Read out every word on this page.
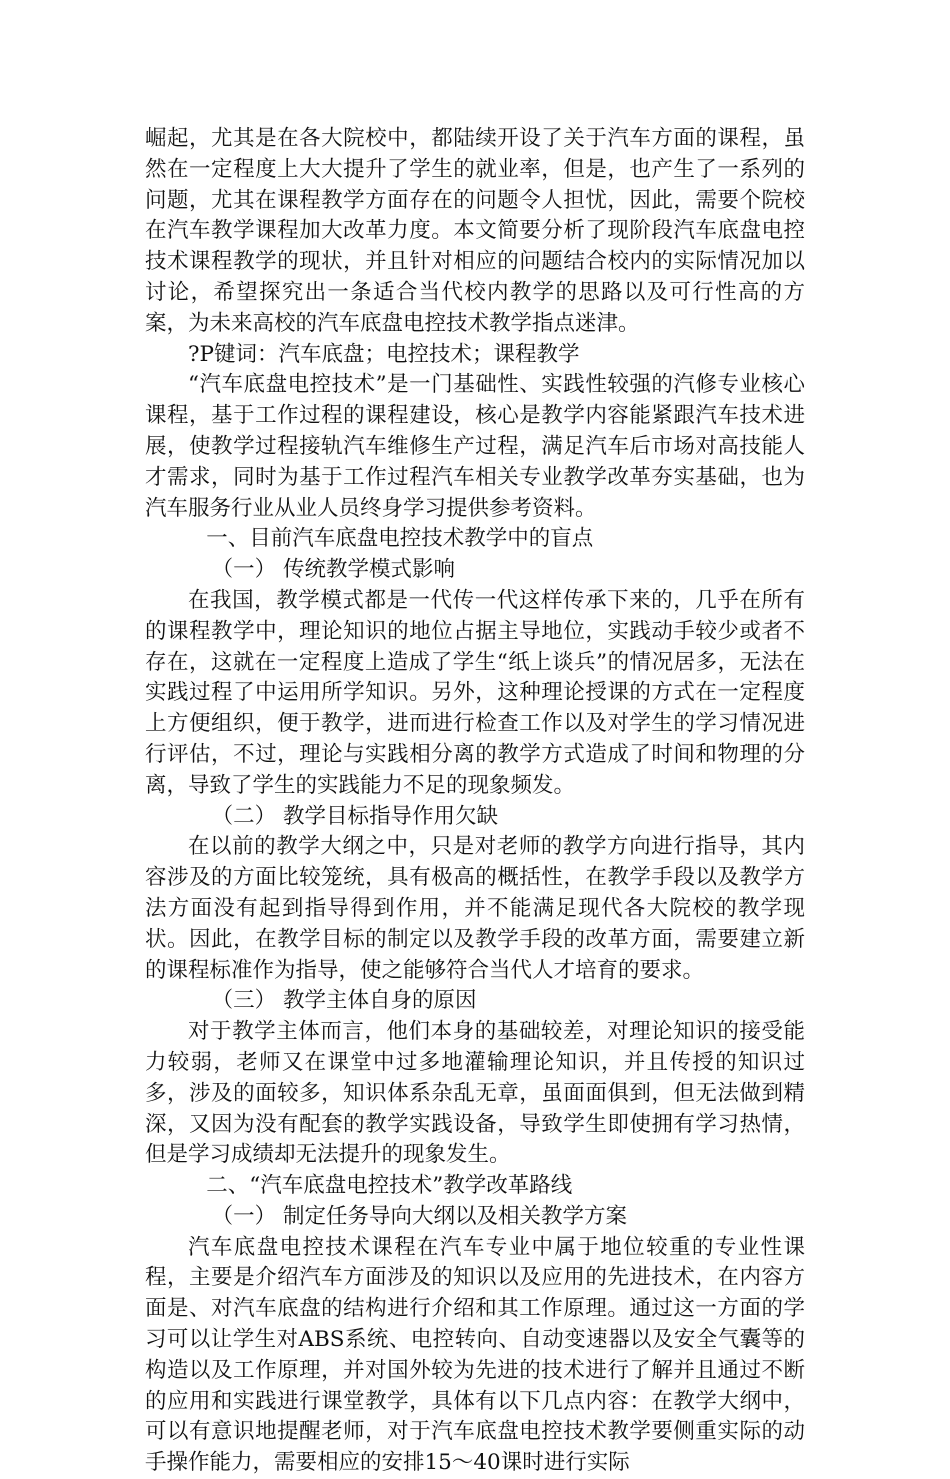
崛起，尤其是在各大院校中，都陆续开设了关于汽车方面的课程，虽然在一定程度上大大提升了学生的就业率，但是，也产生了一系列的问题，尤其在课程教学方面存在的问题令人担忧，因此，需要个院校在汽车教学课程加大改革力度。本文简要分析了现阶段汽车底盘电控技术课程教学的现状，并且针对相应的问题结合校内的实际情况加以讨论，希望探究出一条适合当代校内教学的思路以及可行性高的方案，为未来高校的汽车底盘电控技术教学指点迷津。

?P键词：汽车底盘；电控技术；课程教学

“汽车底盘电控技术”是一门基础性、实践性较强的汽修专业核心课程，基于工作过程的课程建设，核心是教学内容能紧跟汽车技术进展，使教学过程接轨汽车维修生产过程，满足汽车后市场对高技能人才需求，同时为基于工作过程汽车相关专业教学改革夯实基础，也为汽车服务行业从业人员终身学习提供参考资料。

一、目前汽车底盘电控技术教学中的盲点

（一） 传统教学模式影响

在我国，教学模式都是一代传一代这样传承下来的，几乎在所有的课程教学中，理论知识的地位占据主导地位，实践动手较少或者不存在，这就在一定程度上造成了学生“纸上谈兵”的情况居多，无法在实践过程了中运用所学知识。另外，这种理论授课的方式在一定程度上方便组织，便于教学，进而进行检查工作以及对学生的学习情况进行评估，不过，理论与实践相分离的教学方式造成了时间和物理的分离，导致了学生的实践能力不足的现象频发。

（二） 教学目标指导作用欠缺

在以前的教学大纲之中，只是对老师的教学方向进行指导，其内容涉及的方面比较笼统，具有极高的概括性，在教学手段以及教学方法方面没有起到指导得到作用，并不能满足现代各大院校的教学现状。因此，在教学目标的制定以及教学手段的改革方面，需要建立新的课程标准作为指导，使之能够符合当代人才培育的要求。

（三） 教学主体自身的原因

对于教学主体而言，他们本身的基础较差，对理论知识的接受能力较弱，老师又在课堂中过多地灌输理论知识，并且传授的知识过多，涉及的面较多，知识体系杂乱无章，虽面面俱到，但无法做到精深，又因为没有配套的教学实践设备，导致学生即使拥有学习热情，但是学习成绩却无法提升的现象发生。

二、“汽车底盘电控技术”教学改革路线

（一） 制定任务导向大纲以及相关教学方案

汽车底盘电控技术课程在汽车专业中属于地位较重的专业性课程，主要是介绍汽车方面涉及的知识以及应用的先进技术，在内容方面是、对汽车底盘的结构进行介绍和其工作原理。通过这一方面的学习可以让学生对ABS系统、电控转向、自动变速器以及安全气囊等的构造以及工作原理，并对国外较为先进的技术进行了解并且通过不断的应用和实践进行课堂教学，具体有以下几点内容：在教学大纲中，可以有意识地提醒老师，对于汽车底盘电控技术教学要侧重实际的动手操作能力，需要相应的安排15～40课时进行实际
